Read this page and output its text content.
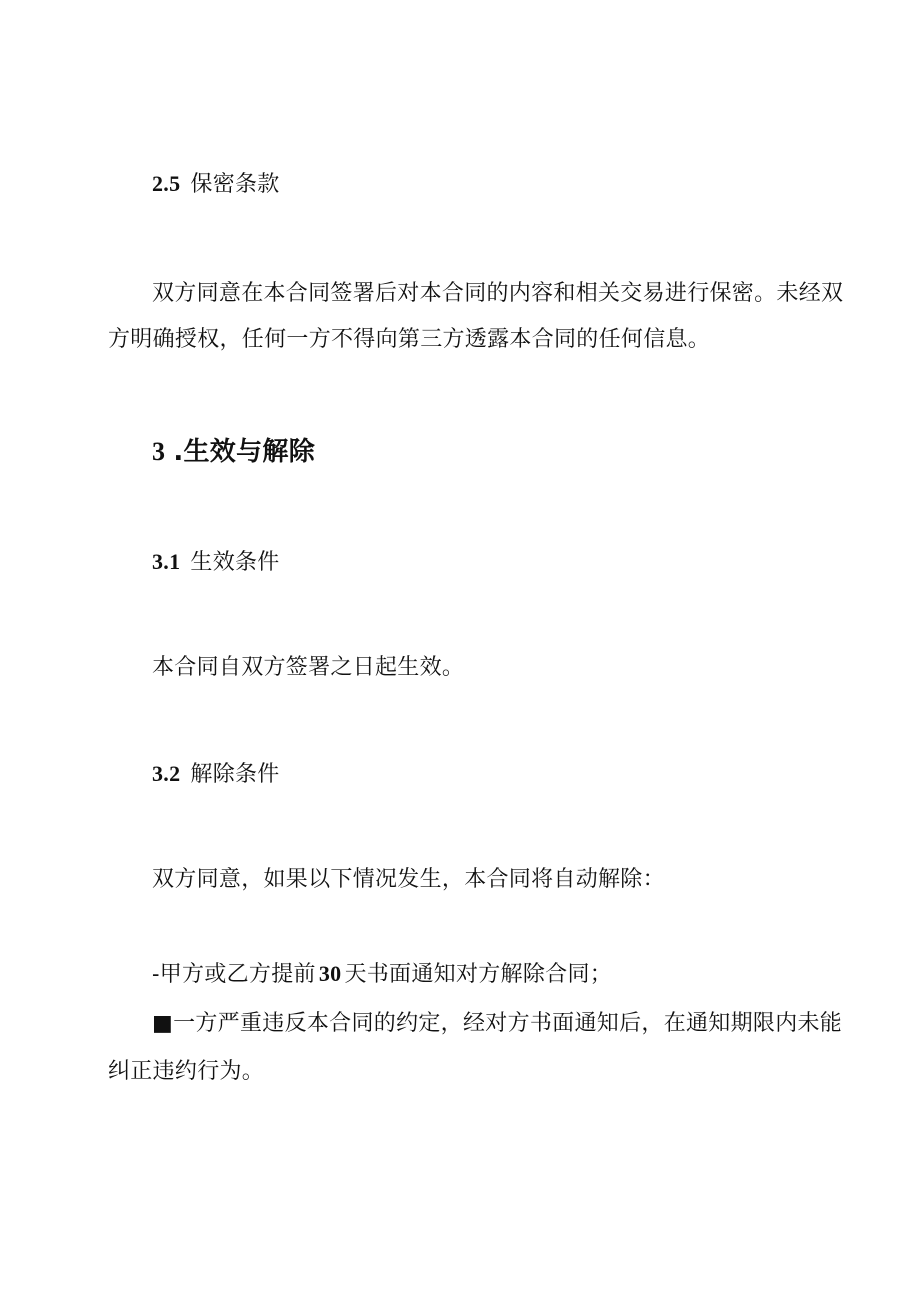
2.5 保密条款
双方同意在本合同签署后对本合同的内容和相关交易进行保密。未经双
方明确授权，任何一方不得向第三方透露本合同的任何信息。
3 .生效与解除
3.1 生效条件
本合同自双方签署之日起生效。
3.2 解除条件
双方同意，如果以下情况发生，本合同将自动解除：
-甲方或乙方提前 30 天书面通知对方解除合同；
■一方严重违反本合同的约定，经对方书面通知后，在通知期限内未能
纠正违约行为。
